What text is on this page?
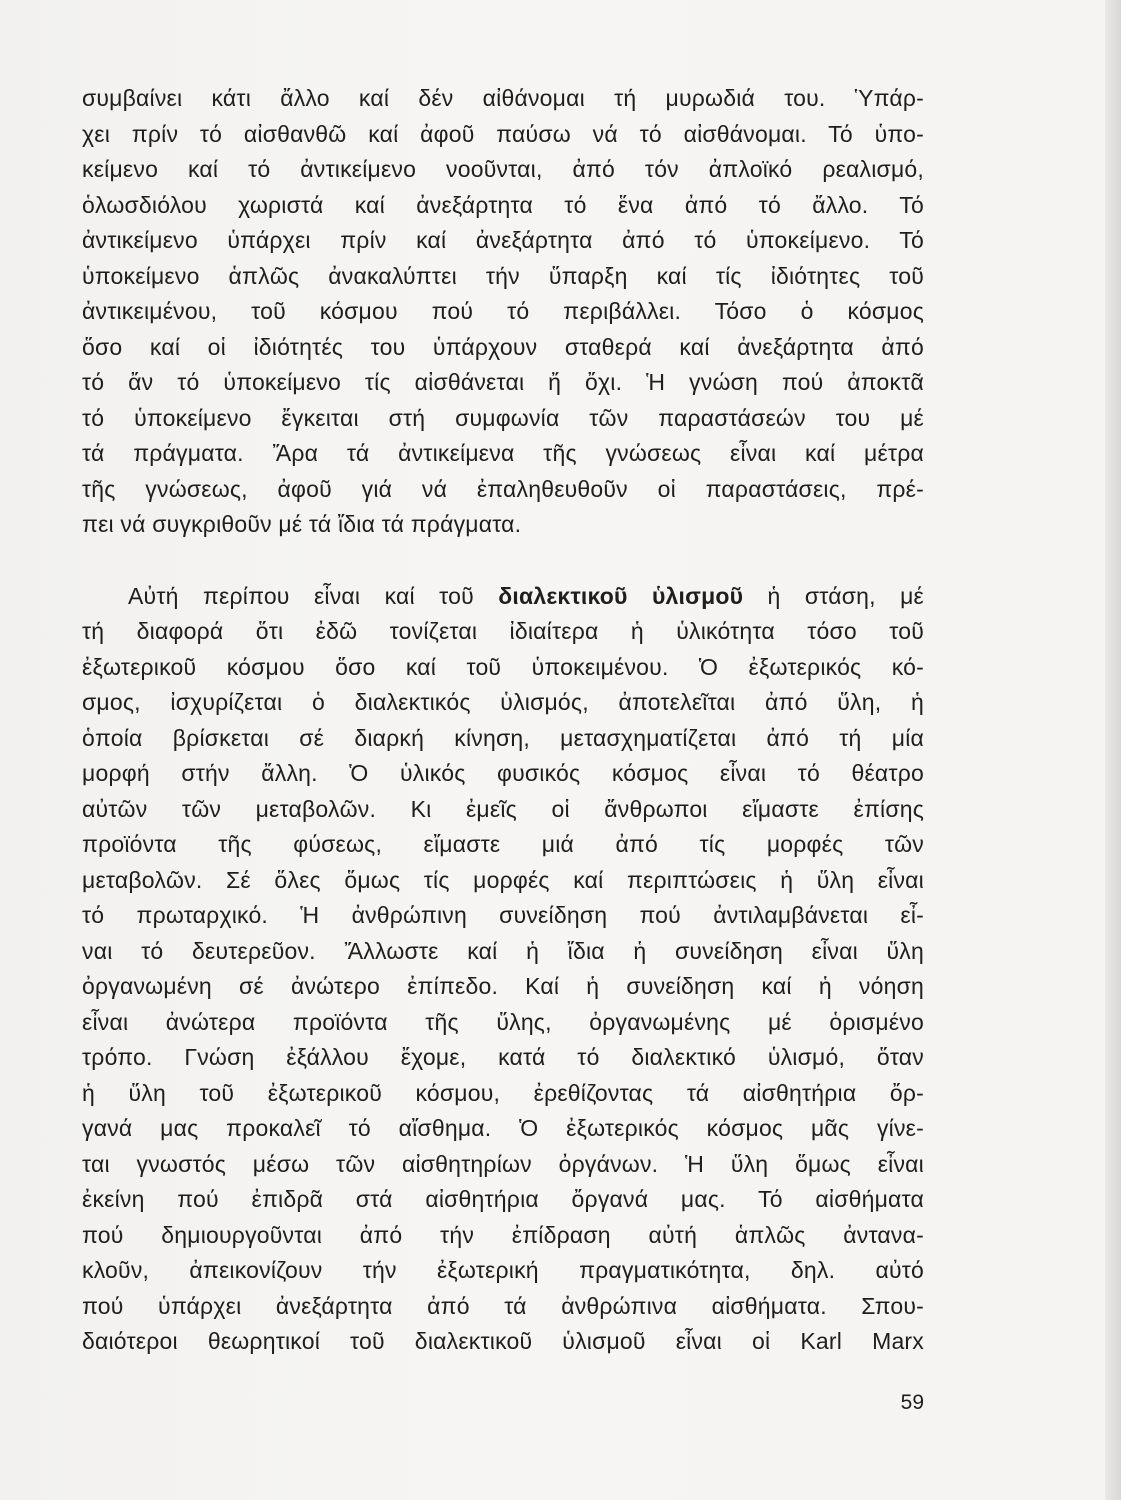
συμβαίνει κάτι ἄλλο καί δέν αἰθάνομαι τή μυρωδιά του. Ὑπάρ-
χει πρίν τό αἰσθανθῶ καί ἀφοῦ παύσω νά τό αἰσθάνομαι. Τό ὑπο-
κείμενο καί τό ἀντικείμενο νοοῦνται, ἀπό τόν ἀπλοϊκό ρεαλισμό,
ὁλωσδιόλου χωριστά καί ἀνεξάρτητα τό ἕνα ἀπό τό ἄλλο. Τό
ἀντικείμενο ὑπάρχει πρίν καί ἀνεξάρτητα ἀπό τό ὑποκείμενο. Τό
ὑποκείμενο ἁπλῶς ἀνακαλύπτει τήν ὕπαρξη καί τίς ἰδιότητες τοῦ
ἀντικειμένου, τοῦ κόσμου πού τό περιβάλλει. Τόσο ὁ κόσμος
ὅσο καί οἱ ἰδιότητές του ὑπάρχουν σταθερά καί ἀνεξάρτητα ἀπό
τό ἄν τό ὑποκείμενο τίς αἰσθάνεται ἤ ὄχι. Ἡ γνώση πού ἀποκτᾶ
τό ὑποκείμενο ἔγκειται στή συμφωνία τῶν παραστάσεών του μέ
τά πράγματα. Ἄρα τά ἀντικείμενα τῆς γνώσεως εἶναι καί μέτρα
τῆς γνώσεως, ἀφοῦ γιά νά ἐπαληθευθοῦν οἱ παραστάσεις, πρέ-
πει νά συγκριθοῦν μέ τά ἴδια τά πράγματα.
Αὐτή περίπου εἶναι καί τοῦ διαλεκτικοῦ ὑλισμοῦ ἡ στάση, μέ
τή διαφορά ὅτι ἐδῶ τονίζεται ἰδιαίτερα ἡ ὑλικότητα τόσο τοῦ
ἐξωτερικοῦ κόσμου ὅσο καί τοῦ ὑποκειμένου. Ὁ ἐξωτερικός κό-
σμος, ἰσχυρίζεται ὁ διαλεκτικός ὑλισμός, ἀποτελεῖται ἀπό ὕλη, ἡ
ὁποία βρίσκεται σέ διαρκή κίνηση, μετασχηματίζεται ἀπό τή μία
μορφή στήν ἄλλη. Ὁ ὑλικός φυσικός κόσμος εἶναι τό θέατρο
αὐτῶν τῶν μεταβολῶν. Κι ἐμεῖς οἱ ἄνθρωποι εἴμαστε ἐπίσης
προϊόντα τῆς φύσεως, εἴμαστε μιά ἀπό τίς μορφές τῶν
μεταβολῶν. Σέ ὅλες ὅμως τίς μορφές καί περιπτώσεις ἡ ὕλη εἶναι
τό πρωταρχικό. Ἡ ἀνθρώπινη συνείδηση πού ἀντιλαμβάνεται εἶ-
ναι τό δευτερεῦον. Ἄλλωστε καί ἡ ἴδια ἡ συνείδηση εἶναι ὕλη
ὀργανωμένη σέ ἀνώτερο ἐπίπεδο. Καί ἡ συνείδηση καί ἡ νόηση
εἶναι ἀνώτερα προϊόντα τῆς ὕλης, ὀργανωμένης μέ ὁρισμένο
τρόπο. Γνώση ἐξάλλου ἔχομε, κατά τό διαλεκτικό ὑλισμό, ὅταν
ἡ ὕλη τοῦ ἐξωτερικοῦ κόσμου, ἐρεθίζοντας τά αἰσθητήρια ὄρ-
γανά μας προκαλεῖ τό αἴσθημα. Ὁ ἐξωτερικός κόσμος μᾶς γίνε-
ται γνωστός μέσω τῶν αἰσθητηρίων ὀργάνων. Ἡ ὕλη ὅμως εἶναι
ἐκείνη πού ἐπιδρᾶ στά αἰσθητήρια ὄργανά μας. Τό αἰσθήματα
πού δημιουργοῦνται ἀπό τήν ἐπίδραση αὐτή ἁπλῶς ἀντανα-
κλοῦν, ἀπεικονίζουν τήν ἐξωτερική πραγματικότητα, δηλ. αὐτό
πού ὑπάρχει ἀνεξάρτητα ἀπό τά ἀνθρώπινα αἰσθήματα. Σπου-
δαιότεροι θεωρητικοί τοῦ διαλεκτικοῦ ὑλισμοῦ εἶναι οἱ Karl Marx
59
